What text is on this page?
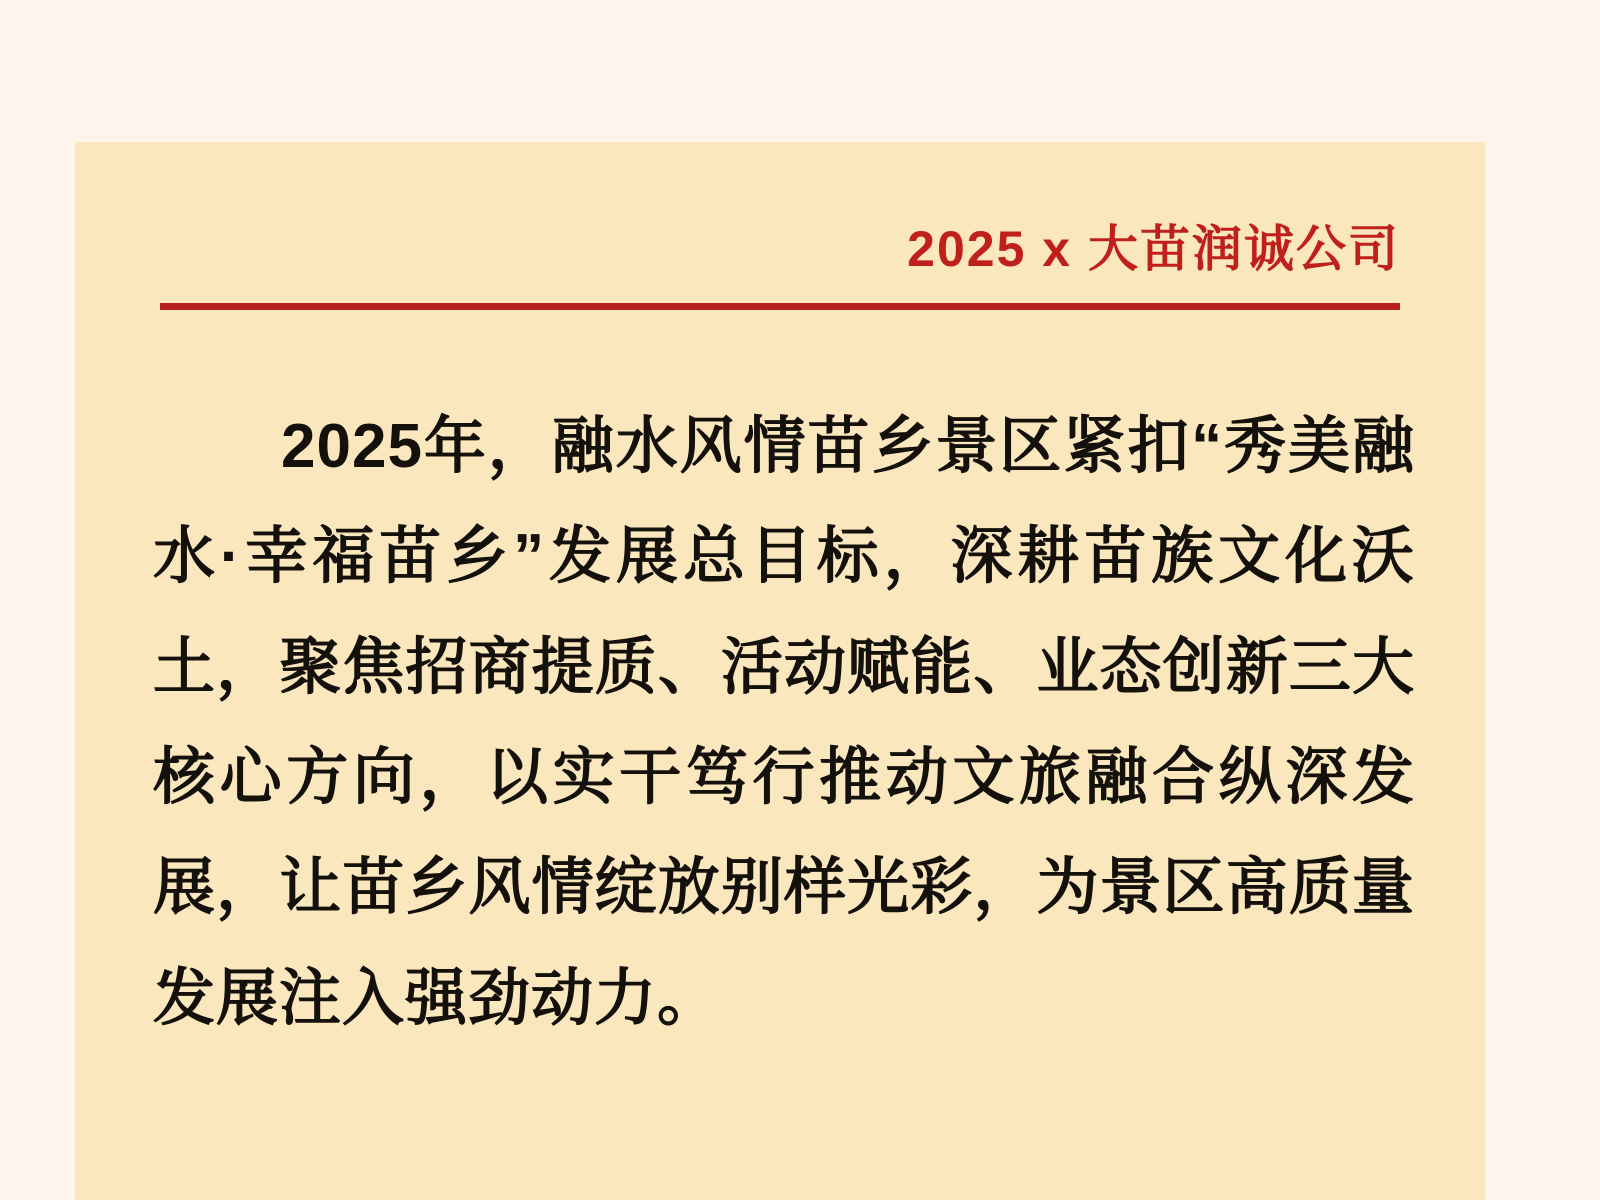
2025 x 大苗润诚公司
2025年，融水风情苗乡景区紧扣“秀美融水·幸福苗乡”发展总目标，深耕苗族文化沃土，聚焦招商提质、活动赋能、业态创新三大核心方向，以实干笃行推动文旅融合纵深发展，让苗乡风情绽放别样光彩，为景区高质量发展注入强劲动力。
